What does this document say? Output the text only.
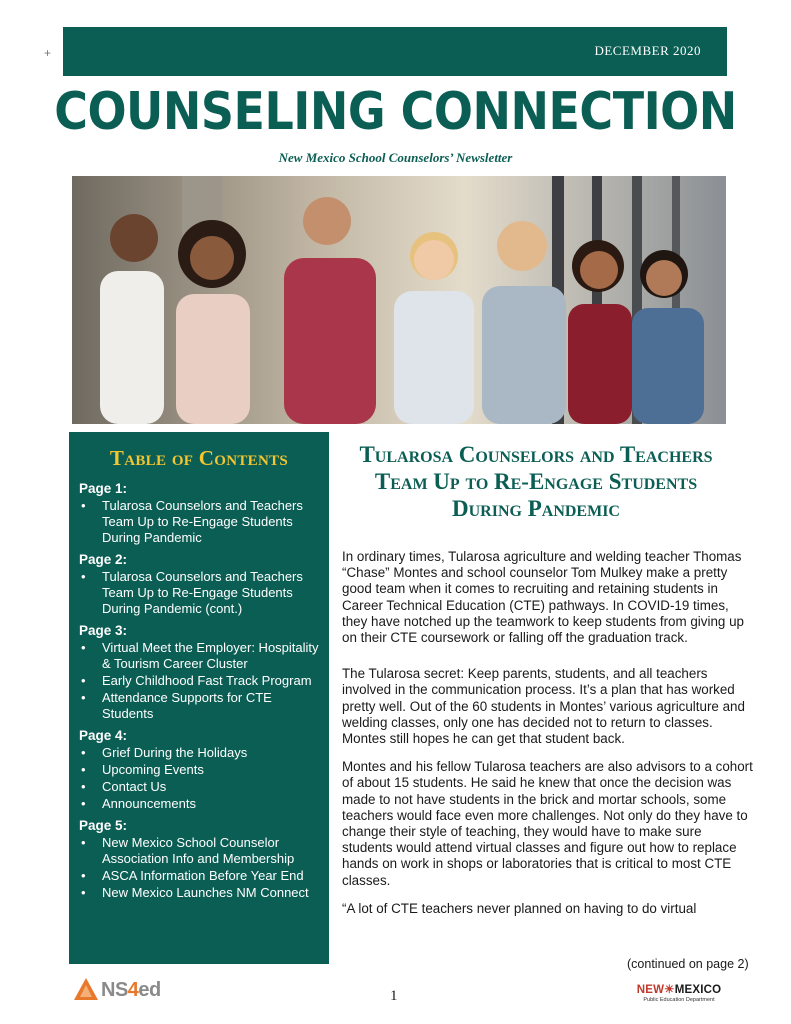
+	DECEMBER 2020
COUNSELING CONNECTION
New Mexico School Counselors’ Newsletter
Table of Contents
Page 1:
• Tularosa Counselors and Teachers Team Up to Re-Engage Students During Pandemic
Page 2:
• Tularosa Counselors and Teachers Team Up to Re-Engage Students During Pandemic (cont.)
Page 3:
• Virtual Meet the Employer: Hospitality & Tourism Career Cluster
• Early Childhood Fast Track Program
• Attendance Supports for CTE Students
Page 4:
• Grief During the Holidays
• Upcoming Events
• Contact Us
• Announcements
Page 5:
• New Mexico School Counselor Association Info and Membership
• ASCA Information Before Year End
• New Mexico Launches NM Connect
Tularosa Counselors and Teachers Team Up to Re-Engage Students During Pandemic

In ordinary times, Tularosa agriculture and welding teacher Thomas “Chase” Montes and school counselor Tom Mulkey make a pretty good team when it comes to recruiting and retaining students in Career Technical Education (CTE) pathways. In COVID-19 times, they have notched up the teamwork to keep students from giving up on their CTE coursework or falling off the graduation track.

The Tularosa secret: Keep parents, students, and all teachers involved in the communication process. It’s a plan that has worked pretty well. Out of the 60 students in Montes’ various agriculture and welding classes, only one has decided not to return to classes. Montes still hopes he can get that student back.

Montes and his fellow Tularosa teachers are also advisors to a cohort of about 15 students. He said he knew that once the decision was made to not have students in the brick and mortar schools, some teachers would face even more challenges. Not only do they have to change their style of teaching, they would have to make sure students would attend virtual classes and figure out how to replace hands on work in shops or laboratories that is critical to most CTE classes.

“A lot of CTE teachers never planned on having to do virtual

(continued on page 2)
NS4ed	1	NEW☀MEXICO
Public Education Department
